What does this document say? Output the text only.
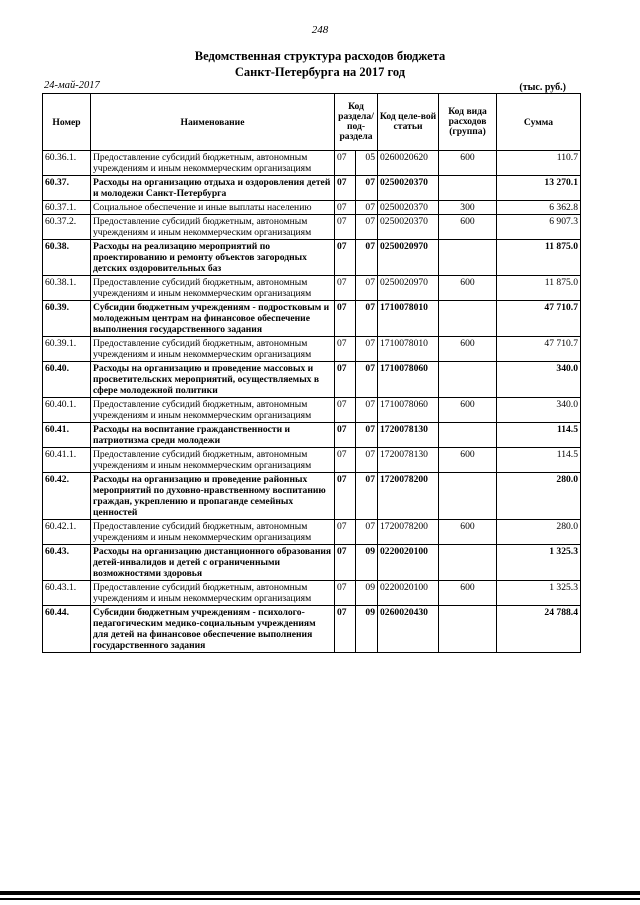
248
Ведомственная структура расходов бюджета
Санкт-Петербурга на 2017 год
24-май-2017	(тыс. руб.)
Номер	Наименование	Код раздела/ под-раздела		Код целе-вой статьи	Код вида расходов (группа)	Сумма
60.36.1.	Предоставление субсидий бюджетным, автономным учреждениям и иным некоммерческим организациям	07	05	0260020620	600	110.7
60.37.	Расходы на организацию отдыха и оздоровления детей и молодежи Санкт-Петербурга	07	07	0250020370		13 270.1
60.37.1.	Социальное обеспечение и иные выплаты населению	07	07	0250020370	300	6 362.8
60.37.2.	Предоставление субсидий бюджетным, автономным учреждениям и иным некоммерческим организациям	07	07	0250020370	600	6 907.3
60.38.	Расходы на реализацию мероприятий по проектированию и ремонту объектов загородных детских оздоровительных баз	07	07	0250020970		11 875.0
60.38.1.	Предоставление субсидий бюджетным, автономным учреждениям и иным некоммерческим организациям	07	07	0250020970	600	11 875.0
60.39.	Субсидии бюджетным учреждениям - подростковым и молодежным центрам на финансовое обеспечение выполнения государственного задания	07	07	1710078010		47 710.7
60.39.1.	Предоставление субсидий бюджетным, автономным учреждениям и иным некоммерческим организациям	07	07	1710078010	600	47 710.7
60.40.	Расходы на организацию и проведение массовых и просветительских мероприятий, осуществляемых в сфере молодежной политики	07	07	1710078060		340.0
60.40.1.	Предоставление субсидий бюджетным, автономным учреждениям и иным некоммерческим организациям	07	07	1710078060	600	340.0
60.41.	Расходы на воспитание гражданственности и патриотизма среди молодежи	07	07	1720078130		114.5
60.41.1.	Предоставление субсидий бюджетным, автономным учреждениям и иным некоммерческим организациям	07	07	1720078130	600	114.5
60.42.	Расходы на организацию и проведение районных мероприятий по духовно-нравственному воспитанию граждан, укреплению и пропаганде семейных ценностей	07	07	1720078200		280.0
60.42.1.	Предоставление субсидий бюджетным, автономным учреждениям и иным некоммерческим организациям	07	07	1720078200	600	280.0
60.43.	Расходы на организацию дистанционного образования детей-инвалидов и детей с ограниченными возможностями здоровья	07	09	0220020100		1 325.3
60.43.1.	Предоставление субсидий бюджетным, автономным учреждениям и иным некоммерческим организациям	07	09	0220020100	600	1 325.3
60.44.	Субсидии бюджетным учреждениям - психолого-педагогическим медико-социальным учреждениям для детей на финансовое обеспечение выполнения государственного задания	07	09	0260020430		24 788.4
